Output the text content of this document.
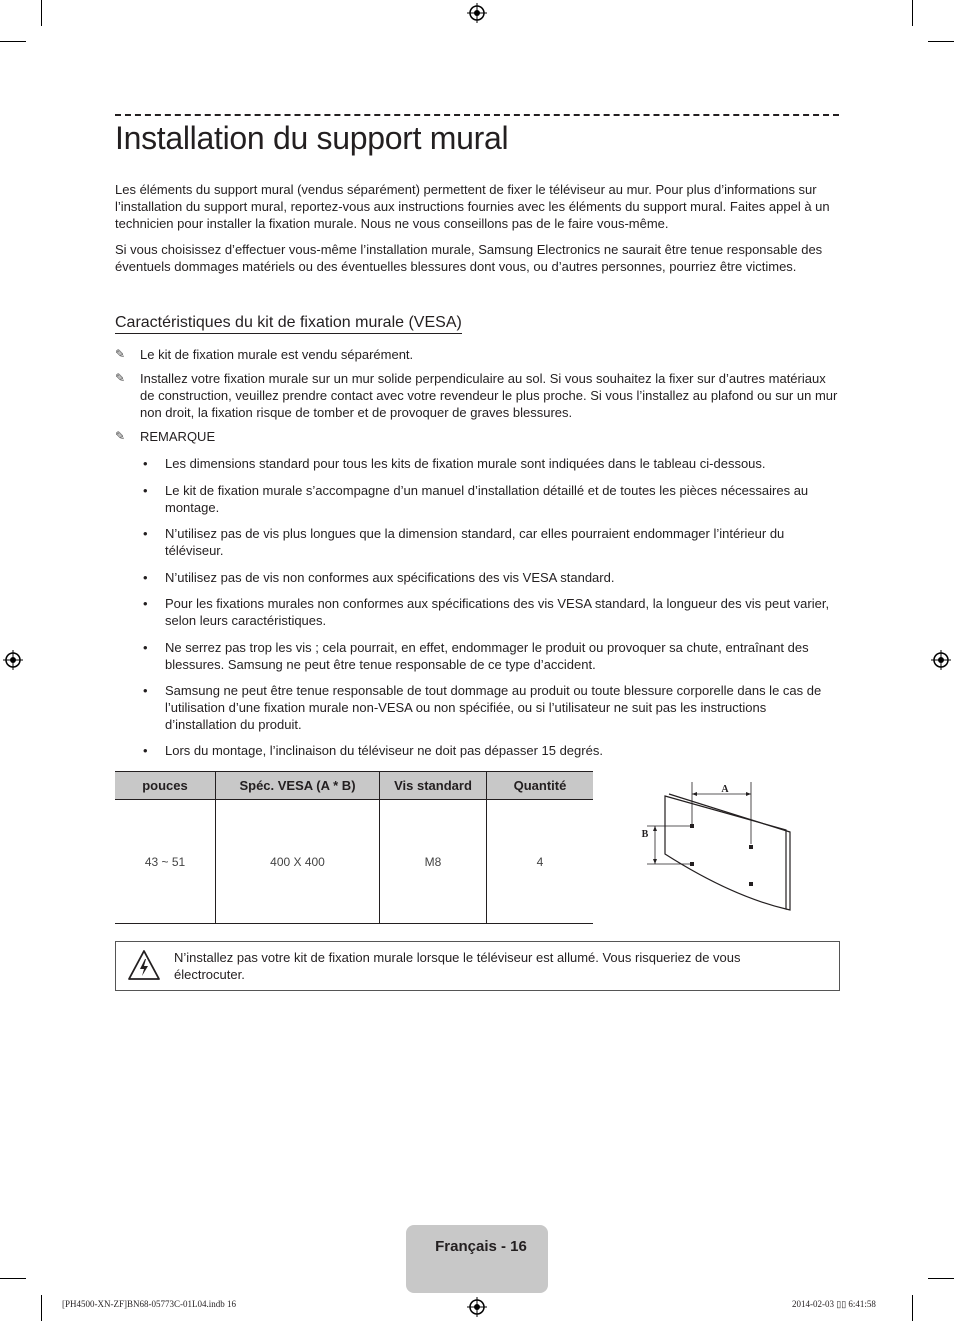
Installation du support mural

Les éléments du support mural (vendus séparément) permettent de fixer le téléviseur au mur. Pour plus d’informations sur l’installation du support mural, reportez-vous aux instructions fournies avec les éléments du support mural. Faites appel à un technicien pour installer la fixation murale. Nous ne vous conseillons pas de le faire vous-même.

Si vous choisissez d’effectuer vous-même l’installation murale, Samsung Electronics ne saurait être tenue responsable des éventuels dommages matériels ou des éventuelles blessures dont vous, ou d’autres personnes, pourriez être victimes.

Caractéristiques du kit de fixation murale (VESA)
✎	Le kit de fixation murale est vendu séparément.
✎	Installez votre fixation murale sur un mur solide perpendiculaire au sol. Si vous souhaitez la fixer sur d’autres matériaux de construction, veuillez prendre contact avec votre revendeur le plus proche. Si vous l’installez au plafond ou sur un mur non droit, la fixation risque de tomber et de provoquer de graves blessures.
✎	REMARQUE
• Les dimensions standard pour tous les kits de fixation murale sont indiquées dans le tableau ci-dessous.
• Le kit de fixation murale s’accompagne d’un manuel d’installation détaillé et de toutes les pièces nécessaires au montage.
• N’utilisez pas de vis plus longues que la dimension standard, car elles pourraient endommager l’intérieur du téléviseur.
• N’utilisez pas de vis non conformes aux spécifications des vis VESA standard.
• Pour les fixations murales non conformes aux spécifications des vis VESA standard, la longueur des vis peut varier, selon leurs caractéristiques.
• Ne serrez pas trop les vis ; cela pourrait, en effet, endommager le produit ou provoquer sa chute, entraînant des blessures. Samsung ne peut être tenue responsable de ce type d’accident.
• Samsung ne peut être tenue responsable de tout dommage au produit ou toute blessure corporelle dans le cas de l’utilisation d’une fixation murale non-VESA ou non spécifiée, ou si l’utilisateur ne suit pas les instructions d’installation du produit.
• Lors du montage, l’inclinaison du téléviseur ne doit pas dépasser 15 degrés.
pouces	Spéc. VESA (A * B)	Vis standard	Quantité
43 ~ 51	400 X 400	M8	4
A
B
N’installez pas votre kit de fixation murale lorsque le téléviseur est allumé. Vous risqueriez de vous électrocuter.
Français - 16
[PH4500-XN-ZF]BN68-05773C-01L04.indb 16	2014-02-03 ▯▯ 6:41:58
